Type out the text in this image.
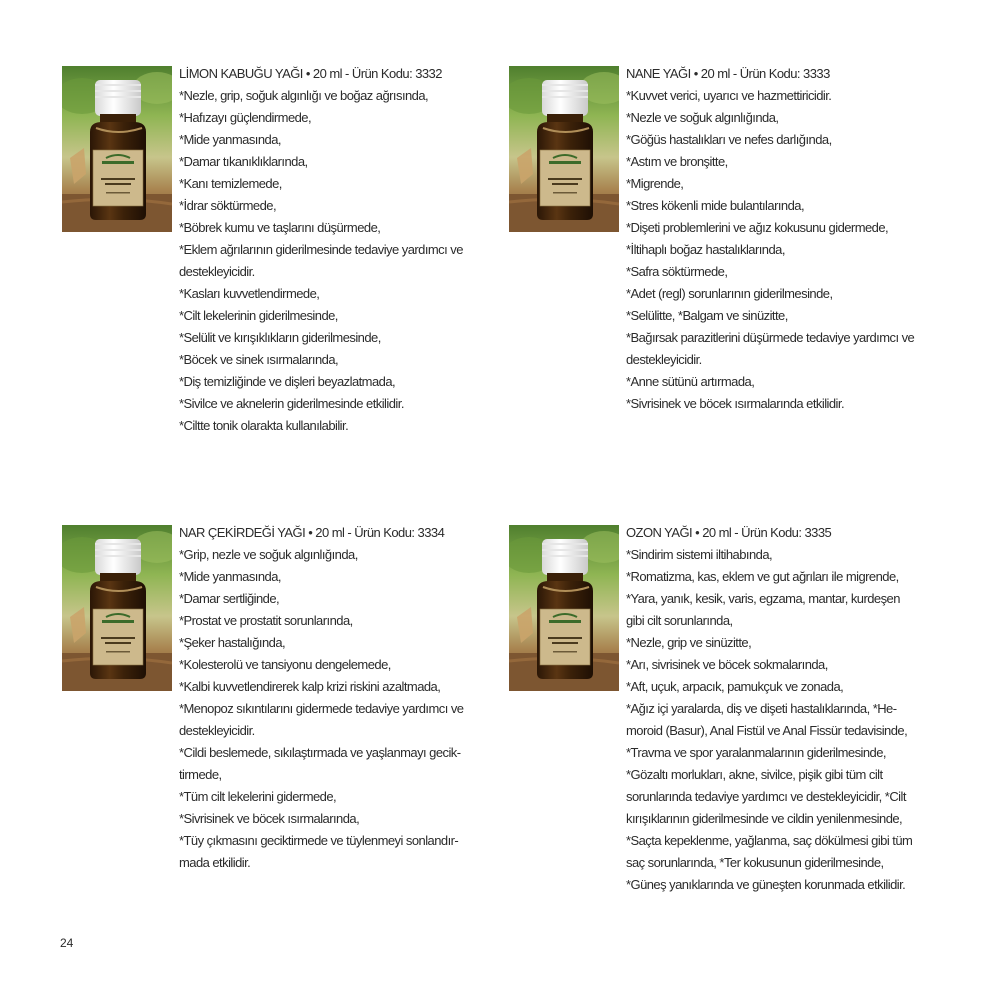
LİMON KABUĞU YAĞI • 20 ml - Ürün Kodu: 3332
*Nezle, grip, soğuk algınlığı ve boğaz ağrısında,
*Hafızayı güçlendirmede,
*Mide yanmasında,
*Damar tıkanıklıklarında,
*Kanı temizlemede,
*İdrar söktürmede,
*Böbrek kumu ve taşlarını düşürmede,
*Eklem ağrılarının giderilmesinde tedaviye yardımcı ve
destekleyicidir.
*Kasları kuvvetlendirmede,
*Cilt lekelerinin giderilmesinde,
*Selülit ve kırışıklıkların giderilmesinde,
*Böcek ve sinek ısırmalarında,
*Diş temizliğinde ve dişleri beyazlatmada,
*Sivilce ve aknelerin giderilmesinde etkilidir.
*Ciltte tonik olarakta kullanılabilir.
NANE YAĞI • 20 ml - Ürün Kodu: 3333
*Kuvvet verici, uyarıcı ve hazmettiricidir.
*Nezle ve soğuk algınlığında,
*Göğüs hastalıkları ve nefes darlığında,
*Astım ve bronşitte,
*Migrende,
*Stres kökenli mide bulantılarında,
*Dişeti problemlerini ve ağız kokusunu gidermede,
*İltihaplı boğaz hastalıklarında,
*Safra söktürmede,
*Adet (regl) sorunlarının giderilmesinde,
*Selülitte, *Balgam ve sinüzitte,
*Bağırsak parazitlerini düşürmede tedaviye yardımcı ve
destekleyicidir.
*Anne sütünü artırmada,
*Sivrisinek ve böcek ısırmalarında etkilidir.
NAR ÇEKİRDEĞİ YAĞI • 20 ml - Ürün Kodu: 3334
*Grip, nezle ve soğuk algınlığında,
*Mide yanmasında,
*Damar sertliğinde,
*Prostat ve prostatit sorunlarında,
*Şeker hastalığında,
*Kolesterolü ve tansiyonu dengelemede,
*Kalbi kuvvetlendirerek kalp krizi riskini azaltmada,
*Menopoz sıkıntılarını gidermede tedaviye yardımcı ve
destekleyicidir.
*Cildi beslemede, sıkılaştırmada ve yaşlanmayı gecik-
tirmede,
*Tüm cilt lekelerini gidermede,
*Sivrisinek ve böcek ısırmalarında,
*Tüy çıkmasını geciktirmede ve tüylenmeyi sonlandır-
mada etkilidir.
OZON YAĞI • 20 ml - Ürün Kodu: 3335
*Sindirim sistemi iltihabında,
*Romatizma, kas, eklem ve gut ağrıları ile migrende,
*Yara, yanık, kesik, varis, egzama, mantar, kurdeşen
gibi cilt sorunlarında,
*Nezle, grip ve sinüzitte,
*Arı, sivrisinek ve böcek sokmalarında,
*Aft, uçuk, arpacık, pamukçuk ve zonada,
*Ağız içi yaralarda, diş ve dişeti hastalıklarında, *He-
moroid (Basur), Anal Fistül ve Anal Fissür tedavisinde,
*Travma ve spor yaralanmalarının giderilmesinde,
*Gözaltı morlukları, akne, sivilce, pişik gibi tüm cilt
sorunlarında tedaviye yardımcı ve destekleyicidir, *Cilt
kırışıklarının giderilmesinde ve cildin yenilenmesinde,
*Saçta kepeklenme, yağlanma, saç dökülmesi gibi tüm
saç sorunlarında, *Ter kokusunun giderilmesinde,
*Güneş yanıklarında ve güneşten korunmada etkilidir.
24
